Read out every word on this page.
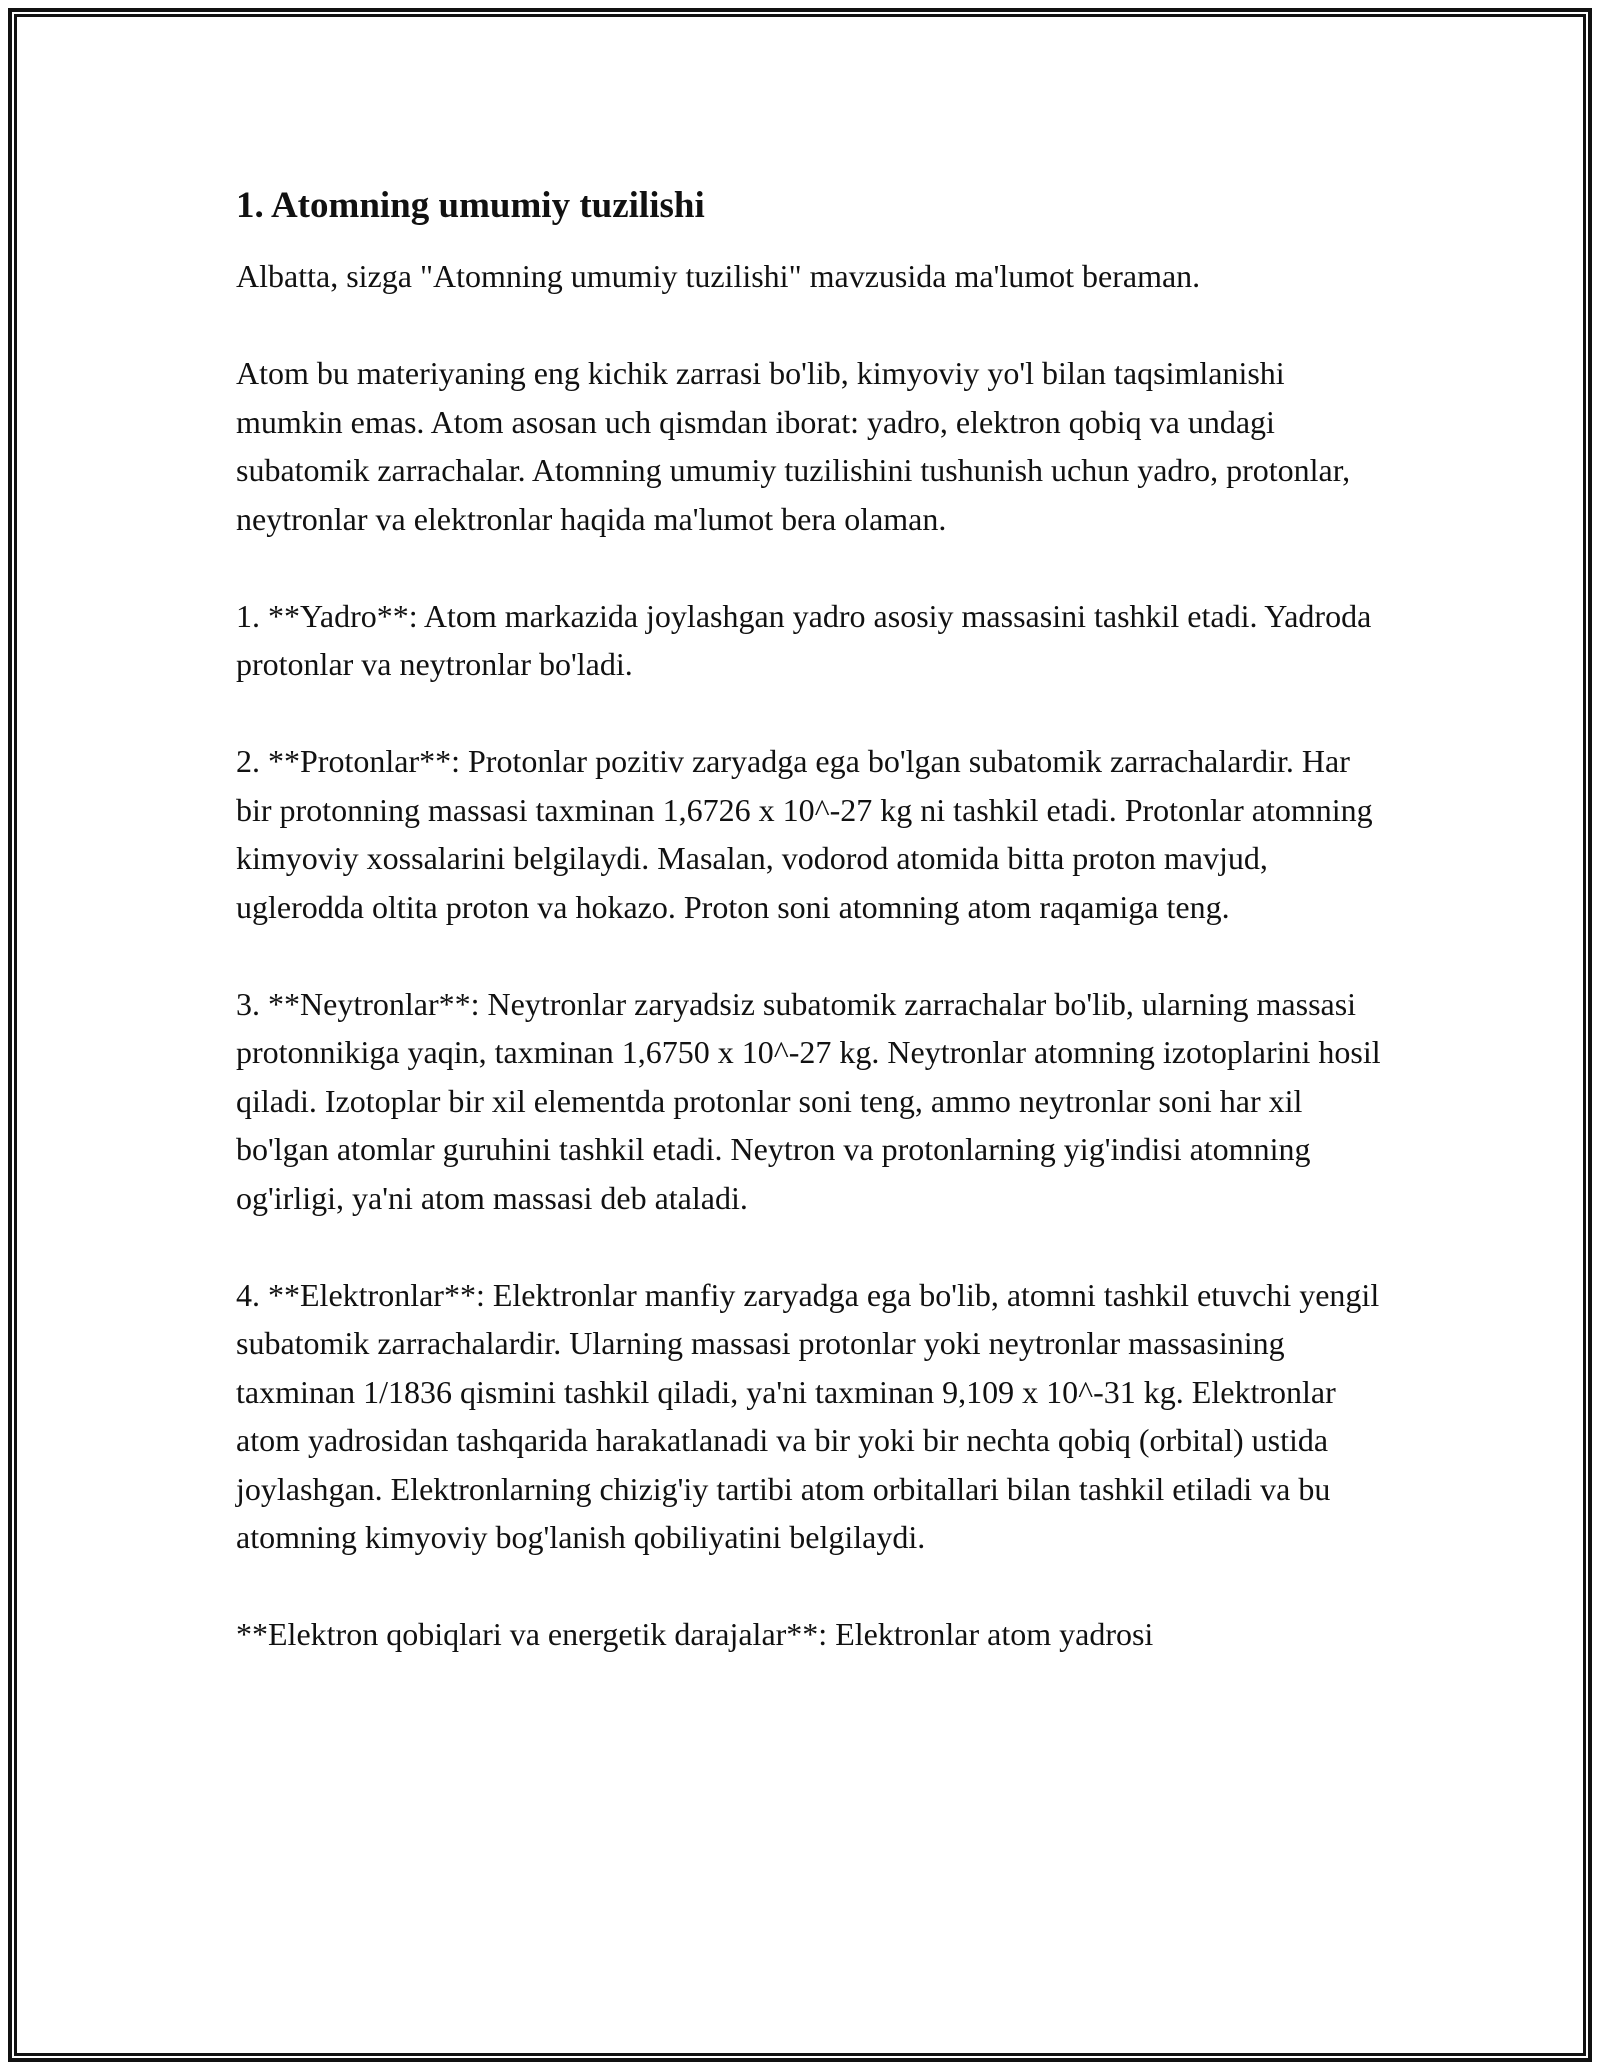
1. Atomning umumiy tuzilishi

Albatta, sizga "Atomning umumiy tuzilishi" mavzusida ma'lumot beraman.

Atom bu materiyaning eng kichik zarrasi bo'lib, kimyoviy yo'l bilan taqsimlanishi mumkin emas. Atom asosan uch qismdan iborat: yadro, elektron qobiq va undagi subatomik zarrachalar. Atomning umumiy tuzilishini tushunish uchun yadro, protonlar, neytronlar va elektronlar haqida ma'lumot bera olaman.

1. **Yadro**: Atom markazida joylashgan yadro asosiy massasini tashkil etadi. Yadroda protonlar va neytronlar bo'ladi.

2. **Protonlar**: Protonlar pozitiv zaryadga ega bo'lgan subatomik zarrachalardir. Har bir protonning massasi taxminan 1,6726 x 10^-27 kg ni tashkil etadi. Protonlar atomning kimyoviy xossalarini belgilaydi. Masalan, vodorod atomida bitta proton mavjud, uglerodda oltita proton va hokazo. Proton soni atomning atom raqamiga teng.

3. **Neytronlar**: Neytronlar zaryadsiz subatomik zarrachalar bo'lib, ularning massasi protonnikiga yaqin, taxminan 1,6750 x 10^-27 kg. Neytronlar atomning izotoplarini hosil qiladi. Izotoplar bir xil elementda protonlar soni teng, ammo neytronlar soni har xil bo'lgan atomlar guruhini tashkil etadi. Neytron va protonlarning yig'indisi atomning og'irligi, ya'ni atom massasi deb ataladi.

4. **Elektronlar**: Elektronlar manfiy zaryadga ega bo'lib, atomni tashkil etuvchi yengil subatomik zarrachalardir. Ularning massasi protonlar yoki neytronlar massasining taxminan 1/1836 qismini tashkil qiladi, ya'ni taxminan 9,109 x 10^-31 kg. Elektronlar atom yadrosidan tashqarida harakatlanadi va bir yoki bir nechta qobiq (orbital) ustida joylashgan. Elektronlarning chizig'iy tartibi atom orbitallari bilan tashkil etiladi va bu atomning kimyoviy bog'lanish qobiliyatini belgilaydi.

**Elektron qobiqlari va energetik darajalar**: Elektronlar atom yadrosi
